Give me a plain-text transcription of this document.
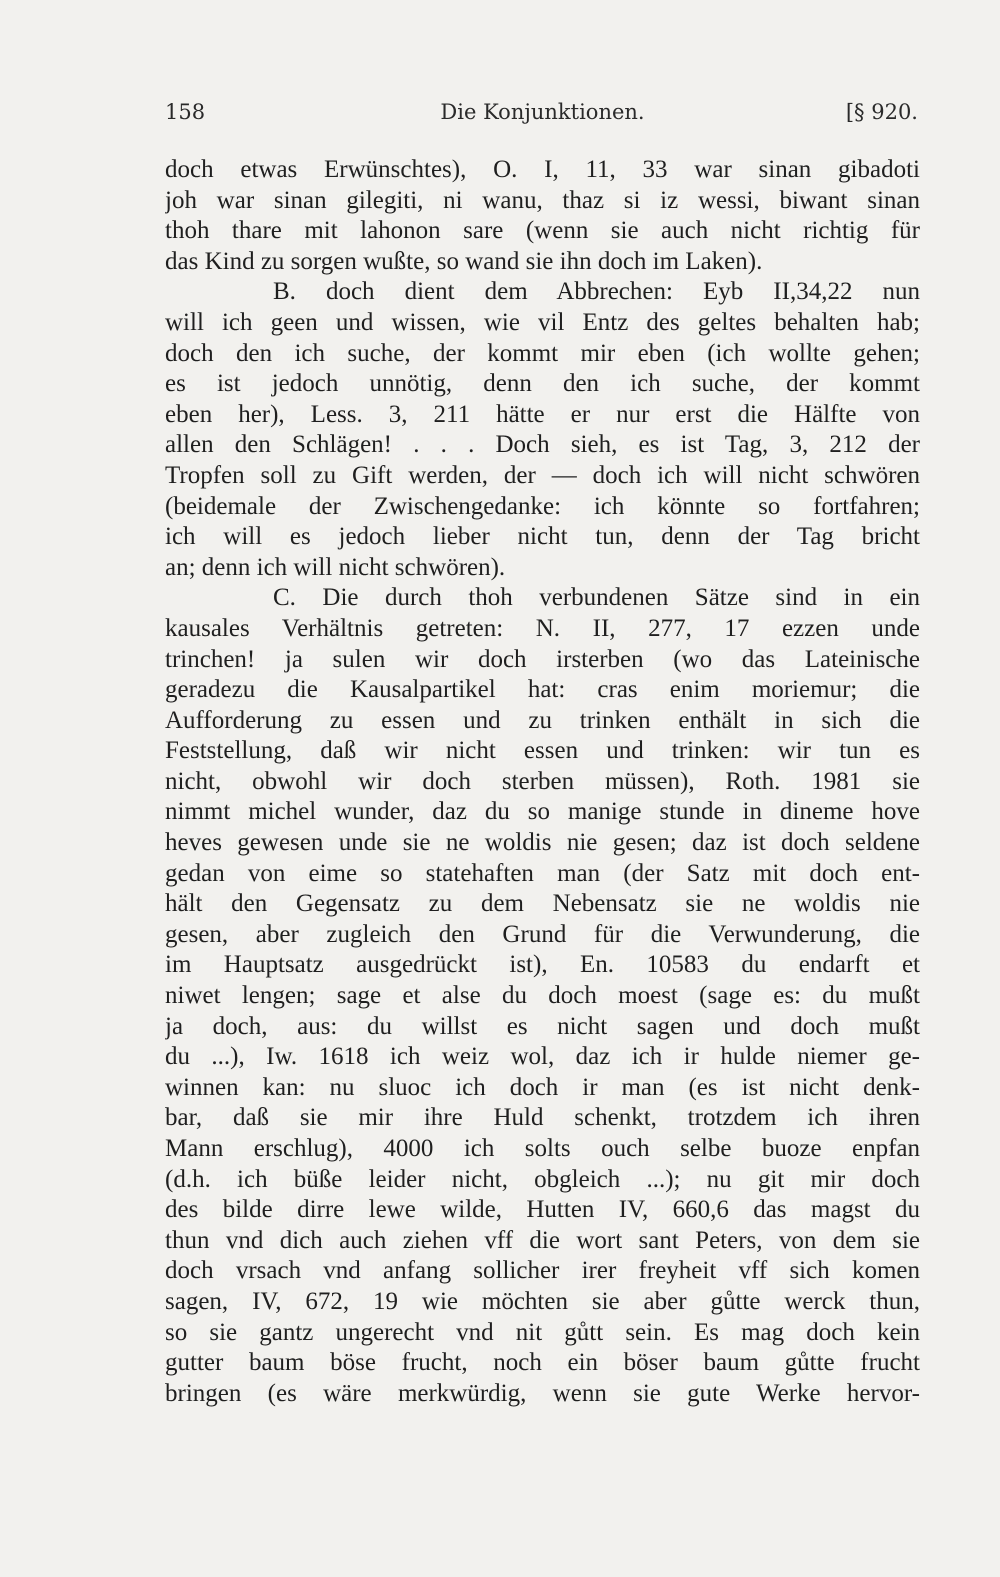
158	Die Konjunktionen.	[§ 920.
doch etwas Erwünschtes), O. I, 11, 33 war sinan gibadoti
joh war sinan gilegiti, ni wanu, thaz si iz wessi, biwant sinan
thoh thare mit lahonon sare (wenn sie auch nicht richtig für
das Kind zu sorgen wußte, so wand sie ihn doch im Laken).
B. doch dient dem Abbrechen: Eyb II,34,22 nun
will ich geen und wissen, wie vil Entz des geltes behalten hab;
doch den ich suche, der kommt mir eben (ich wollte gehen;
es ist jedoch unnötig, denn den ich suche, der kommt
eben her), Less. 3, 211 hätte er nur erst die Hälfte von
allen den Schlägen! . . . Doch sieh, es ist Tag, 3, 212 der
Tropfen soll zu Gift werden, der — doch ich will nicht schwören
(beidemale der Zwischengedanke: ich könnte so fortfahren;
ich will es jedoch lieber nicht tun, denn der Tag bricht
an; denn ich will nicht schwören).
C. Die durch thoh verbundenen Sätze sind in ein
kausales Verhältnis getreten: N. II, 277, 17 ezzen unde
trinchen! ja sulen wir doch irsterben (wo das Lateinische
geradezu die Kausalpartikel hat: cras enim moriemur; die
Aufforderung zu essen und zu trinken enthält in sich die
Feststellung, daß wir nicht essen und trinken: wir tun es
nicht, obwohl wir doch sterben müssen), Roth. 1981 sie
nimmt michel wunder, daz du so manige stunde in dineme hove
heves gewesen unde sie ne woldis nie gesen; daz ist doch seldene
gedan von eime so statehaften man (der Satz mit doch ent-
hält den Gegensatz zu dem Nebensatz sie ne woldis nie
gesen, aber zugleich den Grund für die Verwunderung, die
im Hauptsatz ausgedrückt ist), En. 10583 du endarft et
niwet lengen; sage et alse du doch moest (sage es: du mußt
ja doch, aus: du willst es nicht sagen und doch mußt
du ...), Iw. 1618 ich weiz wol, daz ich ir hulde niemer ge-
winnen kan: nu sluoc ich doch ir man (es ist nicht denk-
bar, daß sie mir ihre Huld schenkt, trotzdem ich ihren
Mann erschlug), 4000 ich solts ouch selbe buoze enpfan
(d.h. ich büße leider nicht, obgleich ...); nu git mir doch
des bilde dirre lewe wilde, Hutten IV, 660,6 das magst du
thun vnd dich auch ziehen vff die wort sant Peters, von dem sie
doch vrsach vnd anfang sollicher irer freyheit vff sich komen
sagen, IV, 672, 19 wie möchten sie aber gůtte werck thun,
so sie gantz ungerecht vnd nit gůtt sein. Es mag doch kein
gutter baum böse frucht, noch ein böser baum gůtte frucht
bringen (es wäre merkwürdig, wenn sie gute Werke hervor-
